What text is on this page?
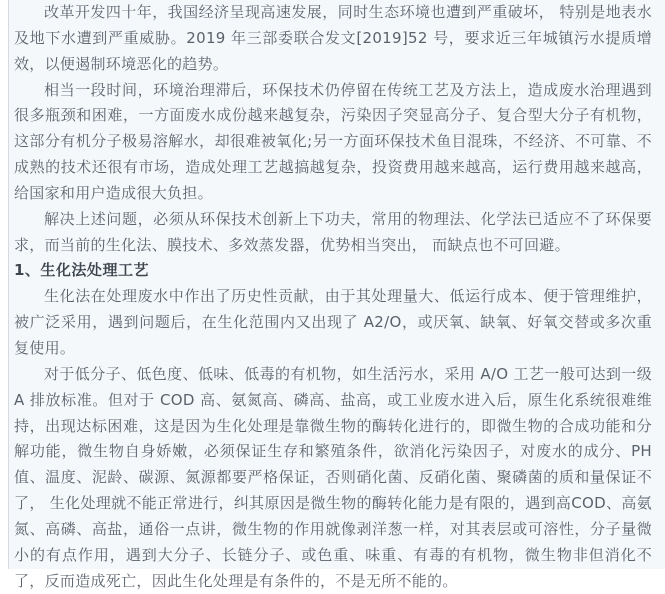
改革开发四十年，我国经济呈现高速发展，同时生态环境也遭到严重破坏， 特别是地表水及地下水遭到严重威胁。2019 年三部委联合发文[2019]52 号，要求近三年城镇污水提质增效，以便遏制环境恶化的趋势。

相当一段时间，环境治理滞后，环保技术仍停留在传统工艺及方法上，造成废水治理遇到很多瓶颈和困难，一方面废水成份越来越复杂，污染因子突显高分子、复合型大分子有机物，这部分有机分子极易溶解水，却很难被氧化;另一方面环保技术鱼目混珠，不经济、不可靠、不成熟的技术还很有市场，造成处理工艺越搞越复杂，投资费用越来越高，运行费用越来越高，给国家和用户造成很大负担。

解决上述问题，必须从环保技术创新上下功夫，常用的物理法、化学法已适应不了环保要求，而当前的生化法、膜技术、多效蒸发器，优势相当突出， 而缺点也不可回避。

1、生化法处理工艺

生化法在处理废水中作出了历史性贡献，由于其处理量大、低运行成本、便于管理维护，被广泛采用，遇到问题后，在生化范围内又出现了 A2/O，或厌氧、缺氧、好氧交替或多次重复使用。

对于低分子、低色度、低味、低毒的有机物，如生活污水，采用 A/O 工艺一般可达到一级 A 排放标准。但对于 COD 高、氨氮高、磷高、盐高，或工业废水进入后，原生化系统很难维持，出现达标困难，这是因为生化处理是靠微生物的酶转化进行的，即微生物的合成功能和分解功能，微生物自身娇嫩，必须保证生存和繁殖条件，欲消化污染因子，对废水的成分、PH 值、温度、泥龄、碳源、氮源都要严格保证，否则硝化菌、反硝化菌、聚磷菌的质和量保证不了， 生化处理就不能正常进行，纠其原因是微生物的酶转化能力是有限的，遇到高COD、高氨氮、高磷、高盐，通俗一点讲，微生物的作用就像剥洋葱一样，对其表层或可溶性，分子量微小的有点作用，遇到大分子、长链分子、或色重、味重、有毒的有机物，微生物非但消化不了，反而造成死亡，因此生化处理是有条件的，不是无所不能的。
